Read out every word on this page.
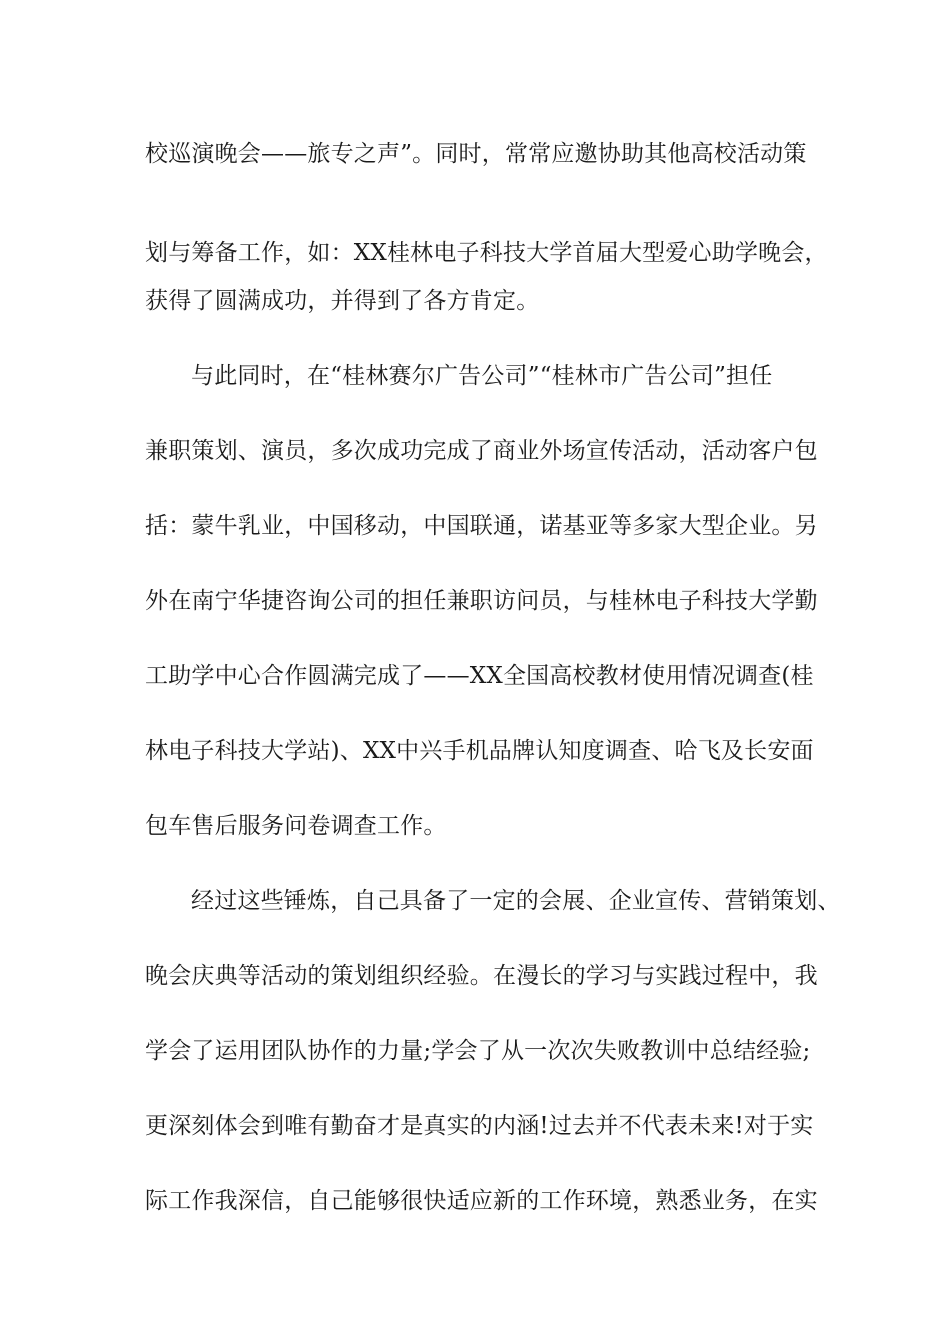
校巡演晚会——旅专之声”。同时，常常应邀协助其他高校活动策
划与筹备工作，如：XX桂林电子科技大学首届大型爱心助学晚会，
获得了圆满成功，并得到了各方肯定。
与此同时，在“桂林赛尔广告公司”“桂林市广告公司”担任
兼职策划、演员，多次成功完成了商业外场宣传活动，活动客户包
括：蒙牛乳业，中国移动，中国联通，诺基亚等多家大型企业。另
外在南宁华捷咨询公司的担任兼职访问员，与桂林电子科技大学勤
工助学中心合作圆满完成了——XX全国高校教材使用情况调查(桂
林电子科技大学站)、XX中兴手机品牌认知度调查、哈飞及长安面
包车售后服务问卷调查工作。
经过这些锤炼，自己具备了一定的会展、企业宣传、营销策划、
晚会庆典等活动的策划组织经验。在漫长的学习与实践过程中，我
学会了运用团队协作的力量;学会了从一次次失败教训中总结经验;
更深刻体会到唯有勤奋才是真实的内涵!过去并不代表未来!对于实
际工作我深信，自己能够很快适应新的工作环境，熟悉业务，在实
